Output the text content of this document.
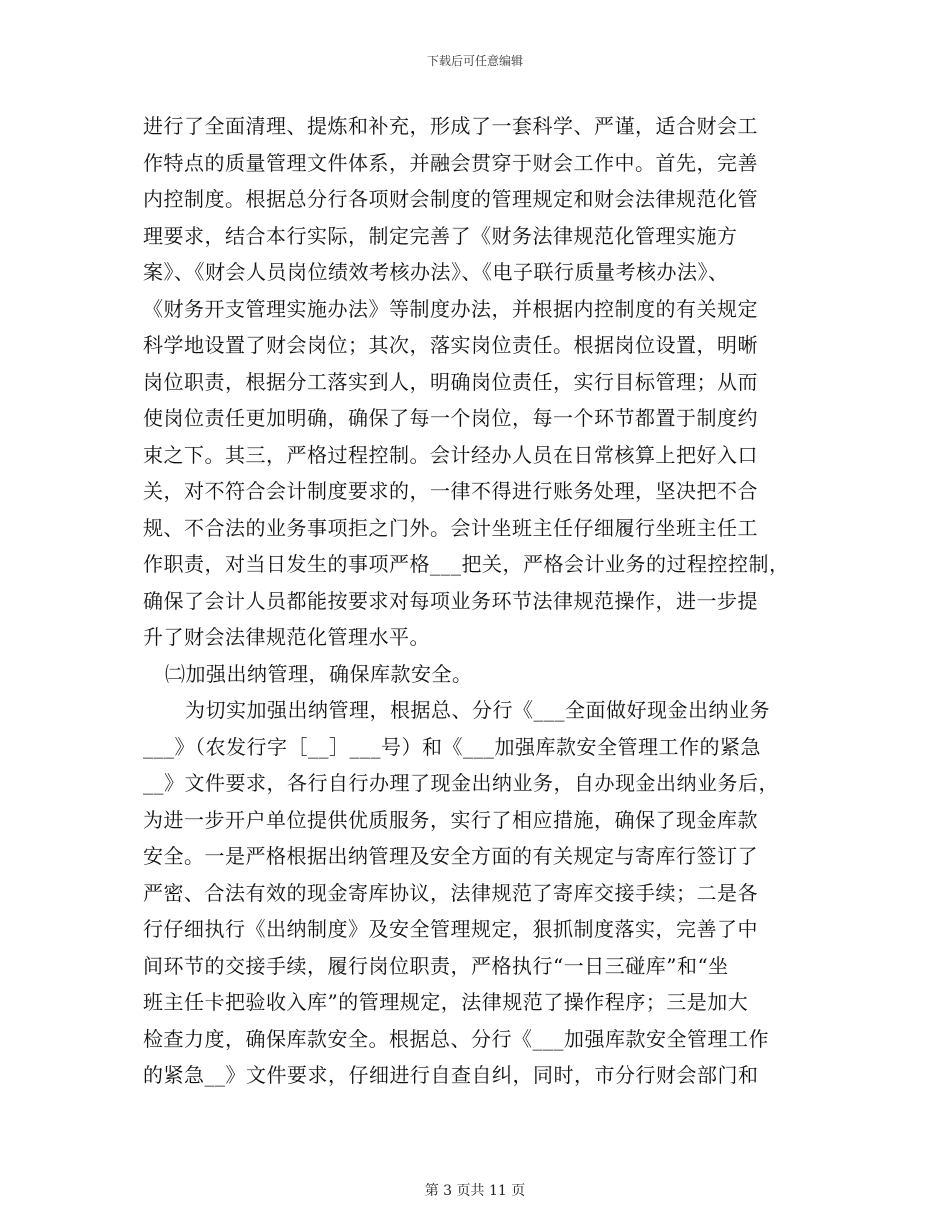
下载后可任意编辑
进行了全面清理、提炼和补充，形成了一套科学、严谨，适合财会工
作特点的质量管理文件体系，并融会贯穿于财会工作中。首先，完善
内控制度。根据总分行各项财会制度的管理规定和财会法律规范化管
理要求，结合本行实际，制定完善了《财务法律规范化管理实施方
案》、《财会人员岗位绩效考核办法》、《电子联行质量考核办法》、
《财务开支管理实施办法》等制度办法，并根据内控制度的有关规定
科学地设置了财会岗位；其次，落实岗位责任。根据岗位设置，明晰
岗位职责，根据分工落实到人，明确岗位责任，实行目标管理；从而
使岗位责任更加明确，确保了每一个岗位，每一个环节都置于制度约
束之下。其三，严格过程控制。会计经办人员在日常核算上把好入口
关，对不符合会计制度要求的，一律不得进行账务处理，坚决把不合
规、不合法的业务事项拒之门外。会计坐班主任仔细履行坐班主任工
作职责，对当日发生的事项严格___把关，严格会计业务的过程控控制，
确保了会计人员都能按要求对每项业务环节法律规范操作，进一步提
升了财会法律规范化管理水平。
㈡加强出纳管理，确保库款安全。
为切实加强出纳管理，根据总、分行《___全面做好现金出纳业务
___》（农发行字［__］___号）和《___加强库款安全管理工作的紧急
__》文件要求，各行自行办理了现金出纳业务，自办现金出纳业务后，
为进一步开户单位提供优质服务，实行了相应措施，确保了现金库款
安全。一是严格根据出纳管理及安全方面的有关规定与寄库行签订了
严密、合法有效的现金寄库协议，法律规范了寄库交接手续；二是各
行仔细执行《出纳制度》及安全管理规定，狠抓制度落实，完善了中
间环节的交接手续，履行岗位职责，严格执行“一日三碰库”和“坐
班主任卡把验收入库”的管理规定，法律规范了操作程序；三是加大
检查力度，确保库款安全。根据总、分行《___加强库款安全管理工作
的紧急__》文件要求，仔细进行自查自纠，同时，市分行财会部门和
第 3 页共 11 页
